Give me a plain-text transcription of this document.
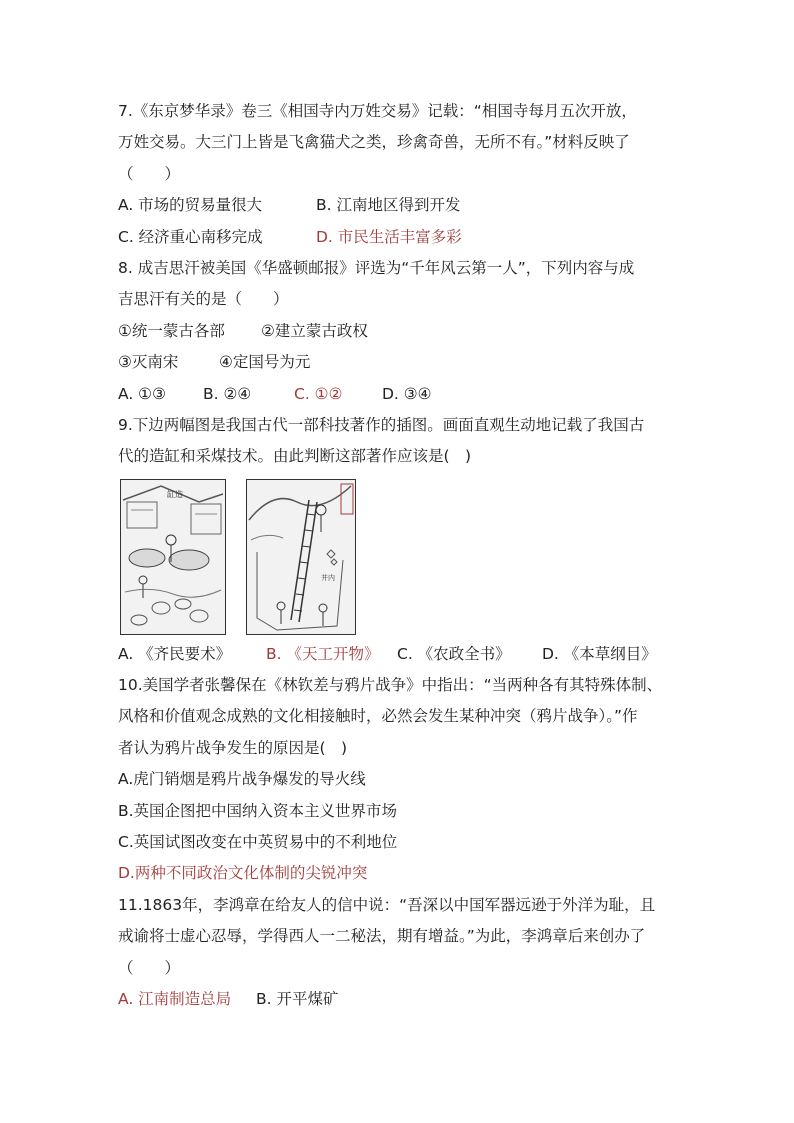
7.《东京梦华录》卷三《相国寺内万姓交易》记载：“相国寺每月五次开放，
万姓交易。大三门上皆是飞禽猫犬之类，珍禽奇兽，无所不有。”材料反映了
（　　）
A. 市场的贸易量很大	B. 江南地区得到开发
C. 经济重心南移完成	D. 市民生活丰富多彩
8. 成吉思汗被美国《华盛顿邮报》评选为“千年风云第一人”，下列内容与成
吉思汗有关的是（　　）
①统一蒙古各部 ②建立蒙古政权
③灭南宋	④定国号为元
A. ①③ B. ②④	C. ①②	D. ③④
9.下边两幅图是我国古代一部科技著作的插图。画面直观生动地记载了我国古
代的造缸和采煤技术。由此判断这部著作应该是(　)
缸造
井内
A. 《齐民要术》 B. 《天工开物》 C. 《农政全书》 D. 《本草纲目》
10.美国学者张馨保在《林钦差与鸦片战争》中指出：“当两种各有其特殊体制、
风格和价值观念成熟的文化相接触时，必然会发生某种冲突（鸦片战争）。”作
者认为鸦片战争发生的原因是(　)
A.虎门销烟是鸦片战争爆发的导火线
B.英国企图把中国纳入资本主义世界市场
C.英国试图改变在中英贸易中的不利地位
D.两种不同政治文化体制的尖锐冲突
11.1863年，李鸿章在给友人的信中说：“吾深以中国军器远逊于外洋为耻，且
戒谕将士虚心忍辱，学得西人一二秘法，期有增益。”为此，李鸿章后来创办了
（　　）
A. 江南制造总局 B. 开平煤矿
